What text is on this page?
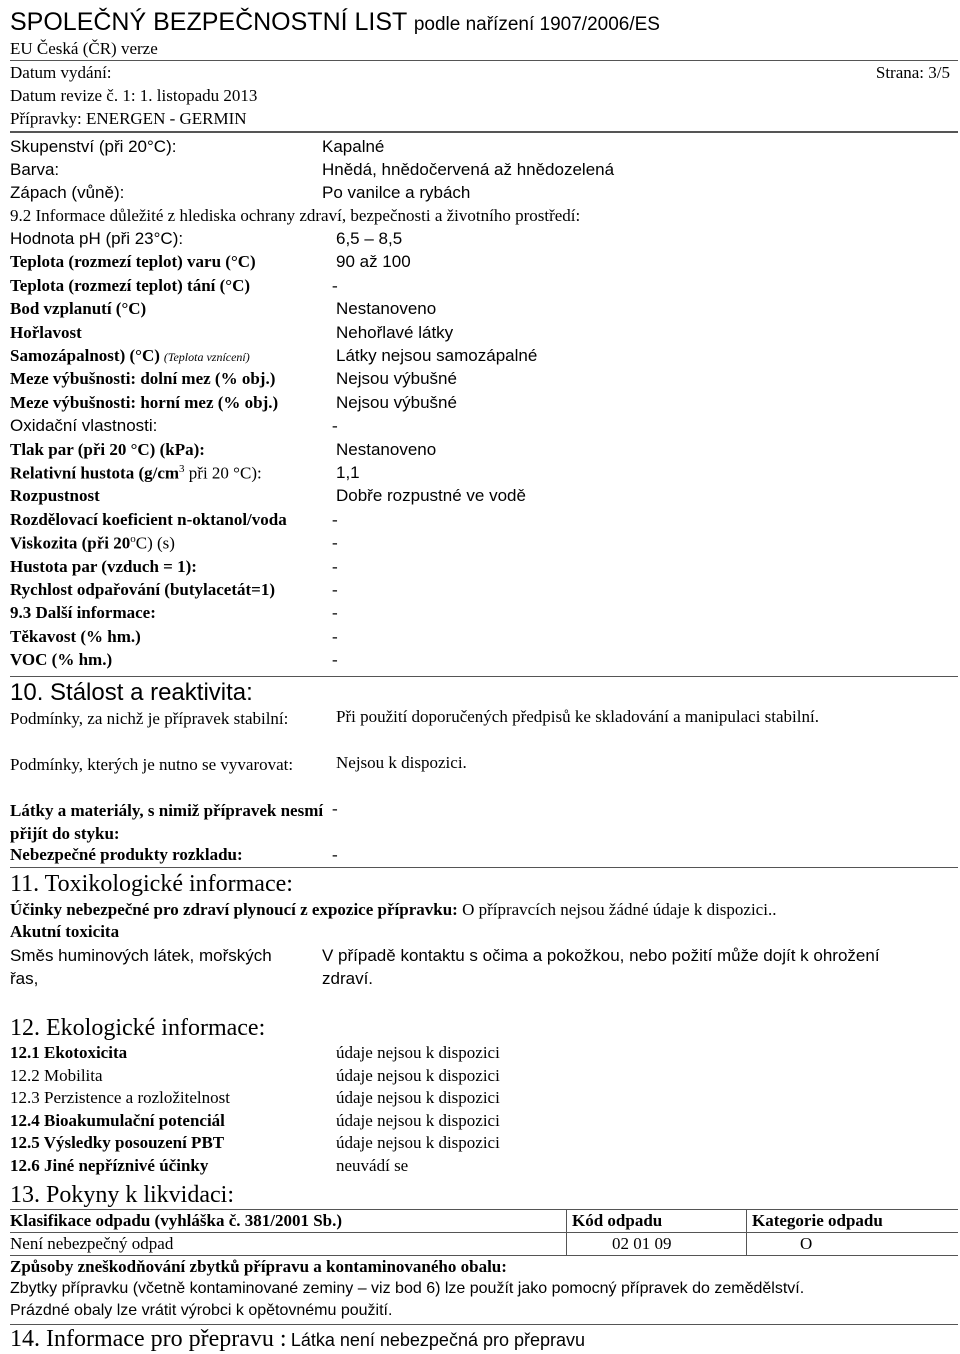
SPOLEČNÝ BEZPEČNOSTNÍ LIST podle nařízení 1907/2006/ES
EU Česká (ČR) verze
Datum vydání:	Strana: 3/5
Datum revize č. 1: 1. listopadu 2013
Přípravky: ENERGEN - GERMIN
Skupenství (při 20°C):	Kapalné
Barva:	Hnědá, hnědočervená až hnědozelená
Zápach (vůně):	Po vanilce a rybách
9.2 Informace důležité z hlediska ochrany zdraví, bezpečnosti a životního prostředí:
Hodnota pH (při 23°C):	6,5 – 8,5
Teplota (rozmezí teplot) varu (°C)	90 až 100
Teplota (rozmezí teplot) tání (°C)	-
Bod vzplanutí (°C)	Nestanoveno
Hořlavost	Nehořlavé látky
Samozápalnost) (°C) (Teplota vznícení)	Látky nejsou samozápalné
Meze výbušnosti: dolní mez (% obj.)	Nejsou výbušné
Meze výbušnosti: horní mez (% obj.)	Nejsou výbušné
Oxidační vlastnosti:	-
Tlak par (při 20 °C) (kPa):	Nestanoveno
Relativní hustota ($g/cm^3$ při 20 °C):	1,1
Rozpustnost	Dobře rozpustné ve vodě
Rozdělovací koeficient n-oktanol/voda	-
Viskozita (při 20$^o$C) (s)	-
Hustota par (vzduch = 1):	-
Rychlost odpařování (butylacetát=1)	-
9.3 Další informace:	-
Těkavost (% hm.)	-
VOC (% hm.)	-
10. Stálost a reaktivita:
Podmínky, za nichž je přípravek stabilní:	Při použití doporučených předpisů ke skladování a manipulaci stabilní.
Podmínky, kterých je nutno se vyvarovat:	Nejsou k dispozici.
Látky a materiály, s nimiž přípravek nesmí přijít do styku:
-
Nebezpečné produkty rozkladu:	-
11. Toxikologické informace:
Účinky nebezpečné pro zdraví plynoucí z expozice přípravku: O přípravcích nejsou žádné údaje k dispozici..
Akutní toxicita
Směs huminových látek, mořských řas,
V případě kontaktu s očima a pokožkou, nebo požití může dojít k ohrožení zdraví.
12. Ekologické informace:
12.1 Ekotoxicita	údaje nejsou k dispozici
12.2 Mobilita	údaje nejsou k dispozici
12.3 Perzistence a rozložitelnost	údaje nejsou k dispozici
12.4 Bioakumulační potenciál	údaje nejsou k dispozici
12.5 Výsledky posouzení PBT	údaje nejsou k dispozici
12.6 Jiné nepříznivé účinky	neuvádí se
13. Pokyny k likvidaci:
Klasifikace odpadu (vyhláška č. 381/2001 Sb.)	Kód odpadu	Kategorie odpadu
Není nebezpečný odpad	02 01 09	O
Způsoby zneškodňování zbytků přípravu a kontaminovaného obalu:
Zbytky přípravku (včetně kontaminované zeminy – viz bod 6) lze použít jako pomocný přípravek do zemědělství.
Prázdné obaly lze vrátit výrobci k opětovnému použití.
14. Informace pro přepravu : Látka není nebezpečná pro přepravu
